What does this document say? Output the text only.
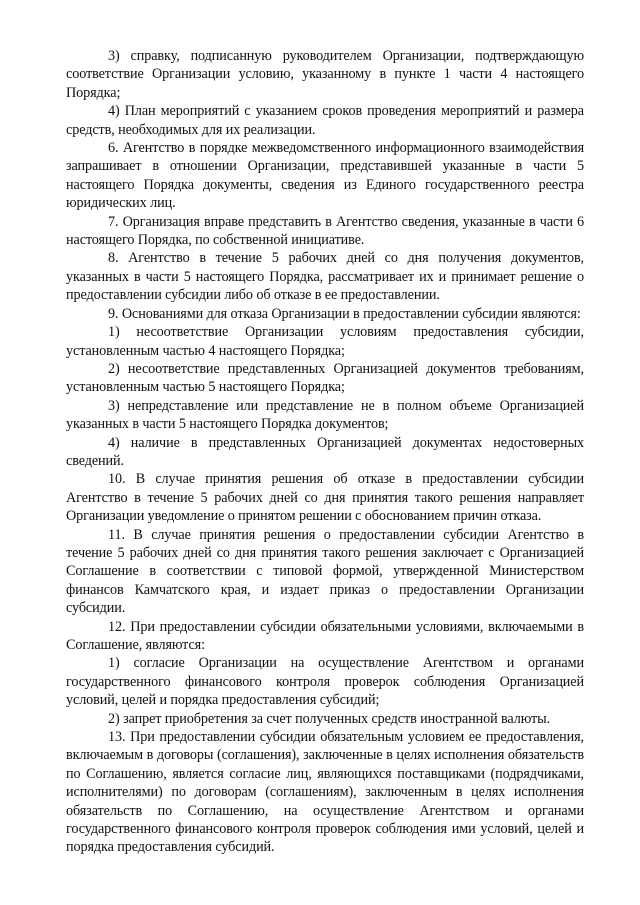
3) справку, подписанную руководителем Организации, подтверждающую соответствие Организации условию, указанному в пункте 1 части 4 настоящего Порядка;

4) План мероприятий с указанием сроков проведения мероприятий и размера средств, необходимых для их реализации.

6. Агентство в порядке межведомственного информационного взаимодействия запрашивает в отношении Организации, представившей указанные в части 5 настоящего Порядка документы, сведения из Единого государственного реестра юридических лиц.

7. Организация вправе представить в Агентство сведения, указанные в части 6 настоящего Порядка, по собственной инициативе.

8. Агентство в течение 5 рабочих дней со дня получения документов, указанных в части 5 настоящего Порядка, рассматривает их и принимает решение о предоставлении субсидии либо об отказе в ее предоставлении.

9. Основаниями для отказа Организации в предоставлении субсидии являются:

1) несоответствие Организации условиям предоставления субсидии, установленным частью 4 настоящего Порядка;

2) несоответствие представленных Организацией документов требованиям, установленным частью 5 настоящего Порядка;

3) непредставление или представление не в полном объеме Организацией указанных в части 5 настоящего Порядка документов;

4) наличие в представленных Организацией документах недостоверных сведений.

10. В случае принятия решения об отказе в предоставлении субсидии Агентство в течение 5 рабочих дней со дня принятия такого решения направляет Организации уведомление о принятом решении с обоснованием причин отказа.

11. В случае принятия решения о предоставлении субсидии Агентство в течение 5 рабочих дней со дня принятия такого решения заключает с Организацией Соглашение в соответствии с типовой формой, утвержденной Министерством финансов Камчатского края, и издает приказ о предоставлении Организации субсидии.

12. При предоставлении субсидии обязательными условиями, включаемыми в Соглашение, являются:

1) согласие Организации на осуществление Агентством и органами государственного финансового контроля проверок соблюдения Организацией условий, целей и порядка предоставления субсидий;

2) запрет приобретения за счет полученных средств иностранной валюты.

13. При предоставлении субсидии обязательным условием ее предоставления, включаемым в договоры (соглашения), заключенные в целях исполнения обязательств по Соглашению, является согласие лиц, являющихся поставщиками (подрядчиками, исполнителями) по договорам (соглашениям), заключенным в целях исполнения обязательств по Соглашению, на осуществление Агентством и органами государственного финансового контроля проверок соблюдения ими условий, целей и порядка предоставления субсидий.
